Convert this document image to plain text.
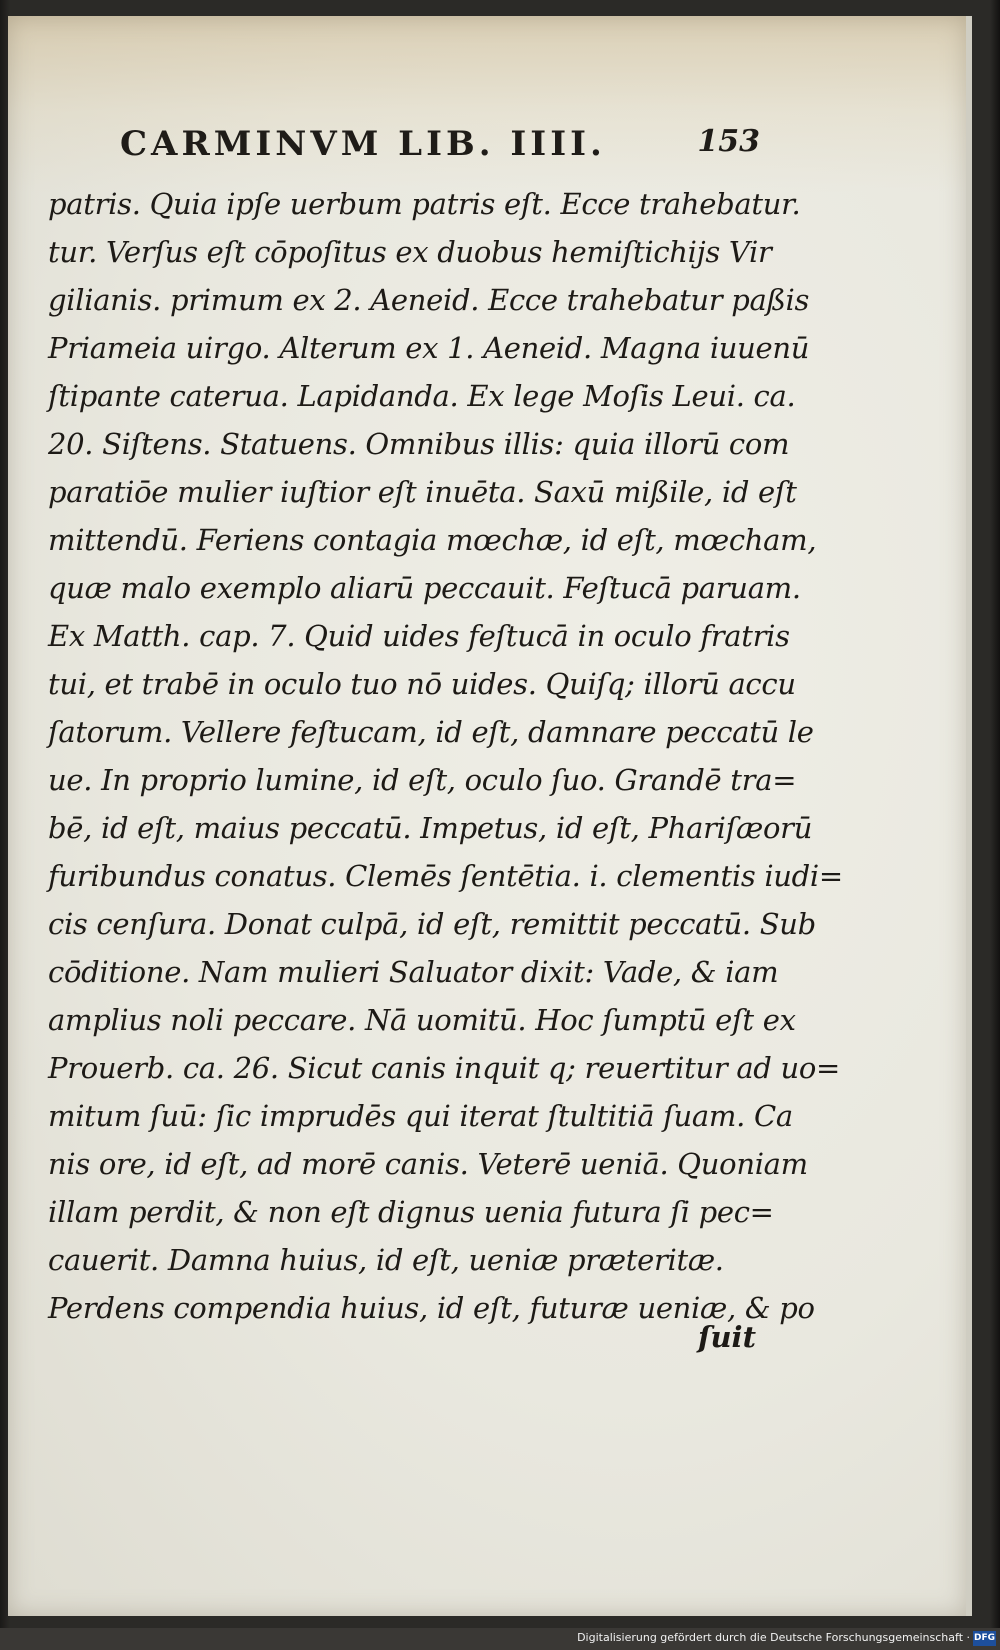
CARMINVM LIB. IIII.	153
patris. Quia ipſe uerbum patris eſt. Ecce trahebatur.
tur. Verſus eſt cōpoſitus ex duobus hemiſtichijs Vir
gilianis. primum ex 2. Aeneid. Ecce trahebatur paßis
Priameia uirgo. Alterum ex 1. Aeneid. Magna iuuenū
ſtipante caterua. Lapidanda. Ex lege Moſis Leui. ca.
20. Siſtens. Statuens. Omnibus illis: quia illorū com
paratiōe mulier iuſtior eſt inuēta. Saxū mißile, id eſt
mittendū. Feriens contagia mœchæ, id eſt, mœcham,
quæ malo exemplo aliarū peccauit. Feſtucā paruam.
Ex Matth. cap. 7. Quid uides feſtucā in oculo fratris
tui, et trabē in oculo tuo nō uides. Quiſq; illorū accu
ſatorum. Vellere feſtucam, id eſt, damnare peccatū le
ue. In proprio lumine, id eſt, oculo ſuo. Grandē tra=
bē, id eſt, maius peccatū. Impetus, id eſt, Phariſæorū
furibundus conatus. Clemēs ſentētia. i. clementis iudi=
cis cenſura. Donat culpā, id eſt, remittit peccatū. Sub
cōditione. Nam mulieri Saluator dixit: Vade, & iam
amplius noli peccare. Nā uomitū. Hoc ſumptū eſt ex
Prouerb. ca. 26. Sicut canis inquit q; reuertitur ad uo=
mitum ſuū: ſic imprudēs qui iterat ſtultitiā ſuam. Ca
nis ore, id eſt, ad morē canis. Veterē ueniā. Quoniam
illam perdit, & non eſt dignus uenia futura ſi pec=
cauerit. Damna huius, id eſt, ueniæ præteritæ.
Perdens compendia huius, id eſt, futuræ ueniæ, & po
ſuit
Digitalisierung gefördert durch die Deutsche Forschungsgemeinschaft · DFG
